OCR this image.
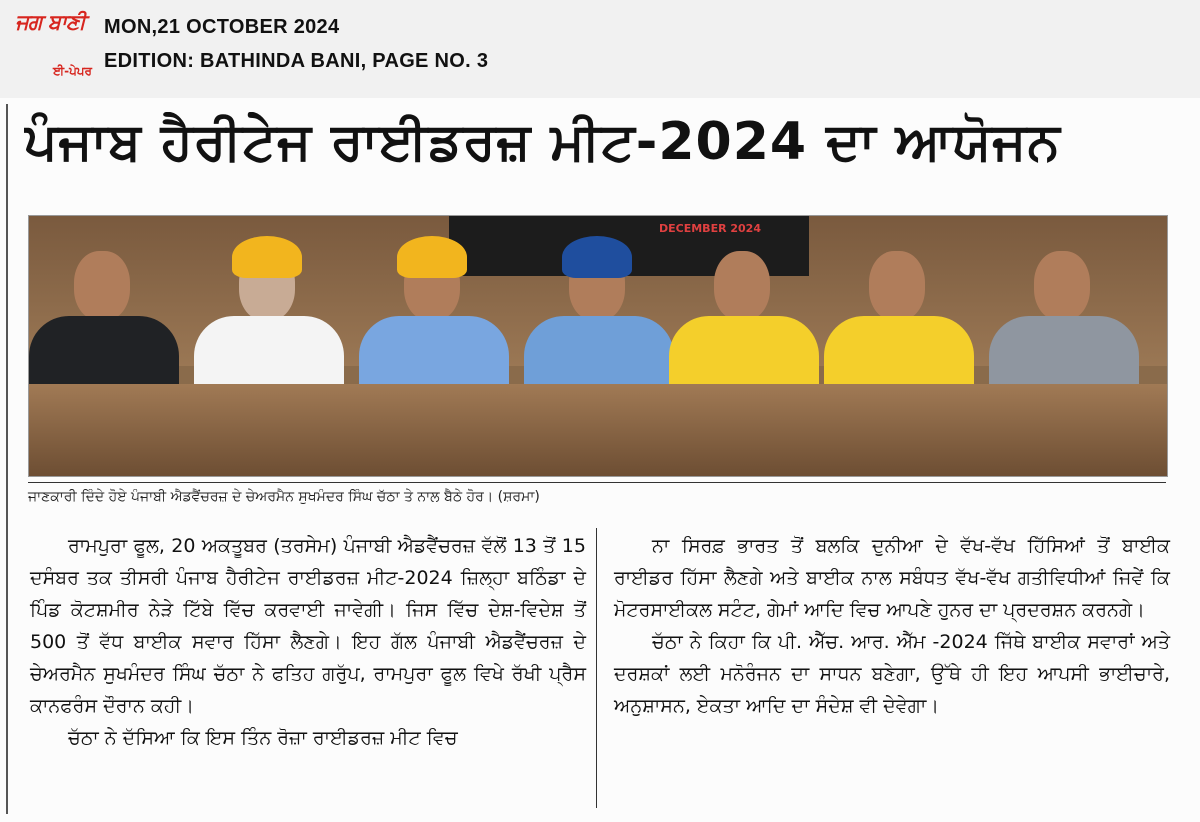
ਜਗ ਬਾਣੀ
ਈ-ਪੇਪਰ
MON,21 OCTOBER 2024
EDITION: BATHINDA BANI, PAGE NO. 3
ਪੰਜਾਬ ਹੈਰੀਟੇਜ ਰਾਈਡਰਜ਼ ਮੀਟ-2024 ਦਾ ਆਯੋਜਨ
DECEMBER 2024
ਜਾਣਕਾਰੀ ਦਿੰਦੇ ਹੋਏ ਪੰਜਾਬੀ ਐਡਵੈਂਚਰਜ਼ ਦੇ ਚੇਅਰਮੈਨ ਸੁਖਮੰਦਰ ਸਿੰਘ ਚੱਠਾ ਤੇ ਨਾਲ ਬੈਠੇ ਹੋਰ। (ਸ਼ਰਮਾ)

ਰਾਮਪੁਰਾ ਫੂਲ, 20 ਅਕਤੂਬਰ (ਤਰਸੇਮ) ਪੰਜਾਬੀ ਐਡਵੈਂਚਰਜ਼ ਵੱਲੋਂ 13 ਤੋਂ 15 ਦਸੰਬਰ ਤਕ ਤੀਸਰੀ ਪੰਜਾਬ ਹੈਰੀਟੇਜ ਰਾਈਡਰਜ਼ ਮੀਟ-2024 ਜ਼ਿਲ੍ਹਾ ਬਠਿੰਡਾ ਦੇ ਪਿੰਡ ਕੋਟਸ਼ਮੀਰ ਨੇੜੇ ਟਿੱਬੇ ਵਿੱਚ ਕਰਵਾਈ ਜਾਵੇਗੀ। ਜਿਸ ਵਿੱਚ ਦੇਸ਼-ਵਿਦੇਸ਼ ਤੋਂ 500 ਤੋਂ ਵੱਧ ਬਾਈਕ ਸਵਾਰ ਹਿੱਸਾ ਲੈਣਗੇ। ਇਹ ਗੱਲ ਪੰਜਾਬੀ ਐਡਵੈਂਚਰਜ਼ ਦੇ ਚੇਅਰਮੈਨ ਸੁਖਮੰਦਰ ਸਿੰਘ ਚੱਠਾ ਨੇ ਫਤਿਹ ਗਰੁੱਪ, ਰਾਮਪੁਰਾ ਫੂਲ ਵਿਖੇ ਰੱਖੀ ਪ੍ਰੈਸ ਕਾਨਫਰੰਸ ਦੌਰਾਨ ਕਹੀ।

ਚੱਠਾ ਨੇ ਦੱਸਿਆ ਕਿ ਇਸ ਤਿੰਨ ਰੋਜ਼ਾ ਰਾਈਡਰਜ਼ ਮੀਟ ਵਿਚ

ਨਾ ਸਿਰਫ਼ ਭਾਰਤ ਤੋਂ ਬਲਕਿ ਦੁਨੀਆ ਦੇ ਵੱਖ-ਵੱਖ ਹਿੱਸਿਆਂ ਤੋਂ ਬਾਈਕ ਰਾਈਡਰ ਹਿੱਸਾ ਲੈਣਗੇ ਅਤੇ ਬਾਈਕ ਨਾਲ ਸਬੰਧਤ ਵੱਖ-ਵੱਖ ਗਤੀਵਿਧੀਆਂ ਜਿਵੇਂ ਕਿ ਮੋਟਰਸਾਈਕਲ ਸਟੰਟ, ਗੇਮਾਂ ਆਦਿ ਵਿਚ ਆਪਣੇ ਹੁਨਰ ਦਾ ਪ੍ਰਦਰਸ਼ਨ ਕਰਨਗੇ।

ਚੱਠਾ ਨੇ ਕਿਹਾ ਕਿ ਪੀ. ਐੱਚ. ਆਰ. ਐੱਮ -2024 ਜਿੱਥੇ ਬਾਈਕ ਸਵਾਰਾਂ ਅਤੇ ਦਰਸ਼ਕਾਂ ਲਈ ਮਨੋਰੰਜਨ ਦਾ ਸਾਧਨ ਬਣੇਗਾ, ਉੱਥੇ ਹੀ ਇਹ ਆਪਸੀ ਭਾਈਚਾਰੇ, ਅਨੁਸ਼ਾਸਨ, ਏਕਤਾ ਆਦਿ ਦਾ ਸੰਦੇਸ਼ ਵੀ ਦੇਵੇਗਾ।
